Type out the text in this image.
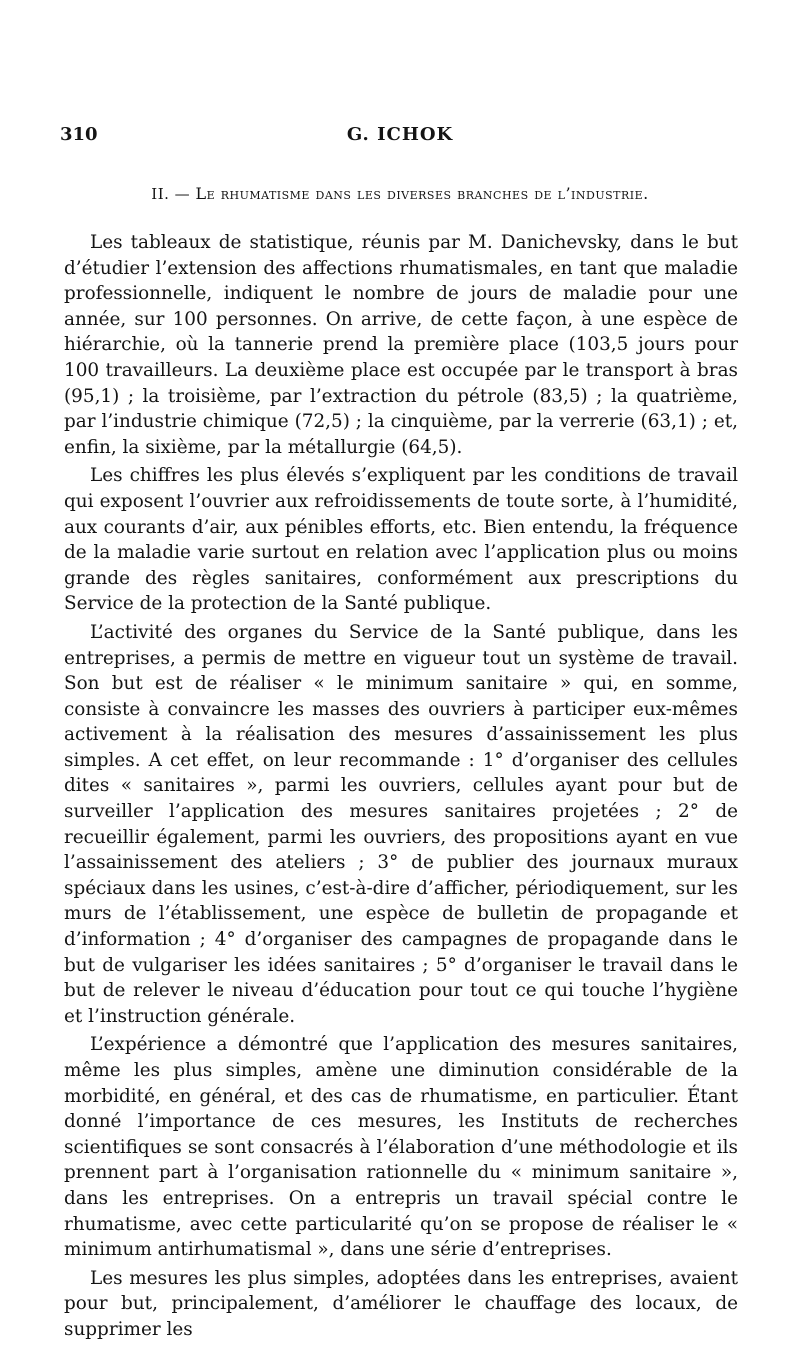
310	G. ICHOK
II. — Le rhumatisme dans les diverses branches de l’industrie.

Les tableaux de statistique, réunis par M. Danichevsky, dans le but d’étudier l’extension des affections rhumatismales, en tant que maladie professionnelle, indiquent le nombre de jours de maladie pour une année, sur 100 personnes. On arrive, de cette façon, à une espèce de hiérarchie, où la tannerie prend la première place (103,5 jours pour 100 travailleurs. La deuxième place est occupée par le transport à bras (95,1) ; la troisième, par l’extraction du pétrole (83,5) ; la quatrième, par l’industrie chimique (72,5) ; la cinquième, par la verrerie (63,1) ; et, enfin, la sixième, par la métallurgie (64,5).

Les chiffres les plus élevés s’expliquent par les conditions de travail qui exposent l’ouvrier aux refroidissements de toute sorte, à l’humidité, aux courants d’air, aux pénibles efforts, etc. Bien entendu, la fréquence de la maladie varie surtout en relation avec l’application plus ou moins grande des règles sanitaires, conformément aux prescriptions du Service de la protection de la Santé publique.

L’activité des organes du Service de la Santé publique, dans les entreprises, a permis de mettre en vigueur tout un système de travail. Son but est de réaliser « le minimum sanitaire » qui, en somme, consiste à convaincre les masses des ouvriers à participer eux-mêmes activement à la réalisation des mesures d’assainissement les plus simples. A cet effet, on leur recommande : 1° d’organiser des cellules dites « sanitaires », parmi les ouvriers, cellules ayant pour but de surveiller l’application des mesures sanitaires projetées ; 2° de recueillir également, parmi les ouvriers, des propositions ayant en vue l’assainissement des ateliers ; 3° de publier des journaux muraux spéciaux dans les usines, c’est-à-dire d’afficher, périodiquement, sur les murs de l’établissement, une espèce de bulletin de propagande et d’information ; 4° d’organiser des campagnes de propagande dans le but de vulgariser les idées sanitaires ; 5° d’organiser le travail dans le but de relever le niveau d’éducation pour tout ce qui touche l’hygiène et l’instruction générale.

L’expérience a démontré que l’application des mesures sanitaires, même les plus simples, amène une diminution considérable de la morbidité, en général, et des cas de rhumatisme, en particulier. Étant donné l’importance de ces mesures, les Instituts de recherches scientifiques se sont consacrés à l’élaboration d’une méthodologie et ils prennent part à l’organisation rationnelle du « minimum sanitaire », dans les entreprises. On a entrepris un travail spécial contre le rhumatisme, avec cette particularité qu’on se propose de réaliser le « minimum antirhumatismal », dans une série d’entreprises.

Les mesures les plus simples, adoptées dans les entreprises, avaient pour but, principalement, d’améliorer le chauffage des locaux, de supprimer les
